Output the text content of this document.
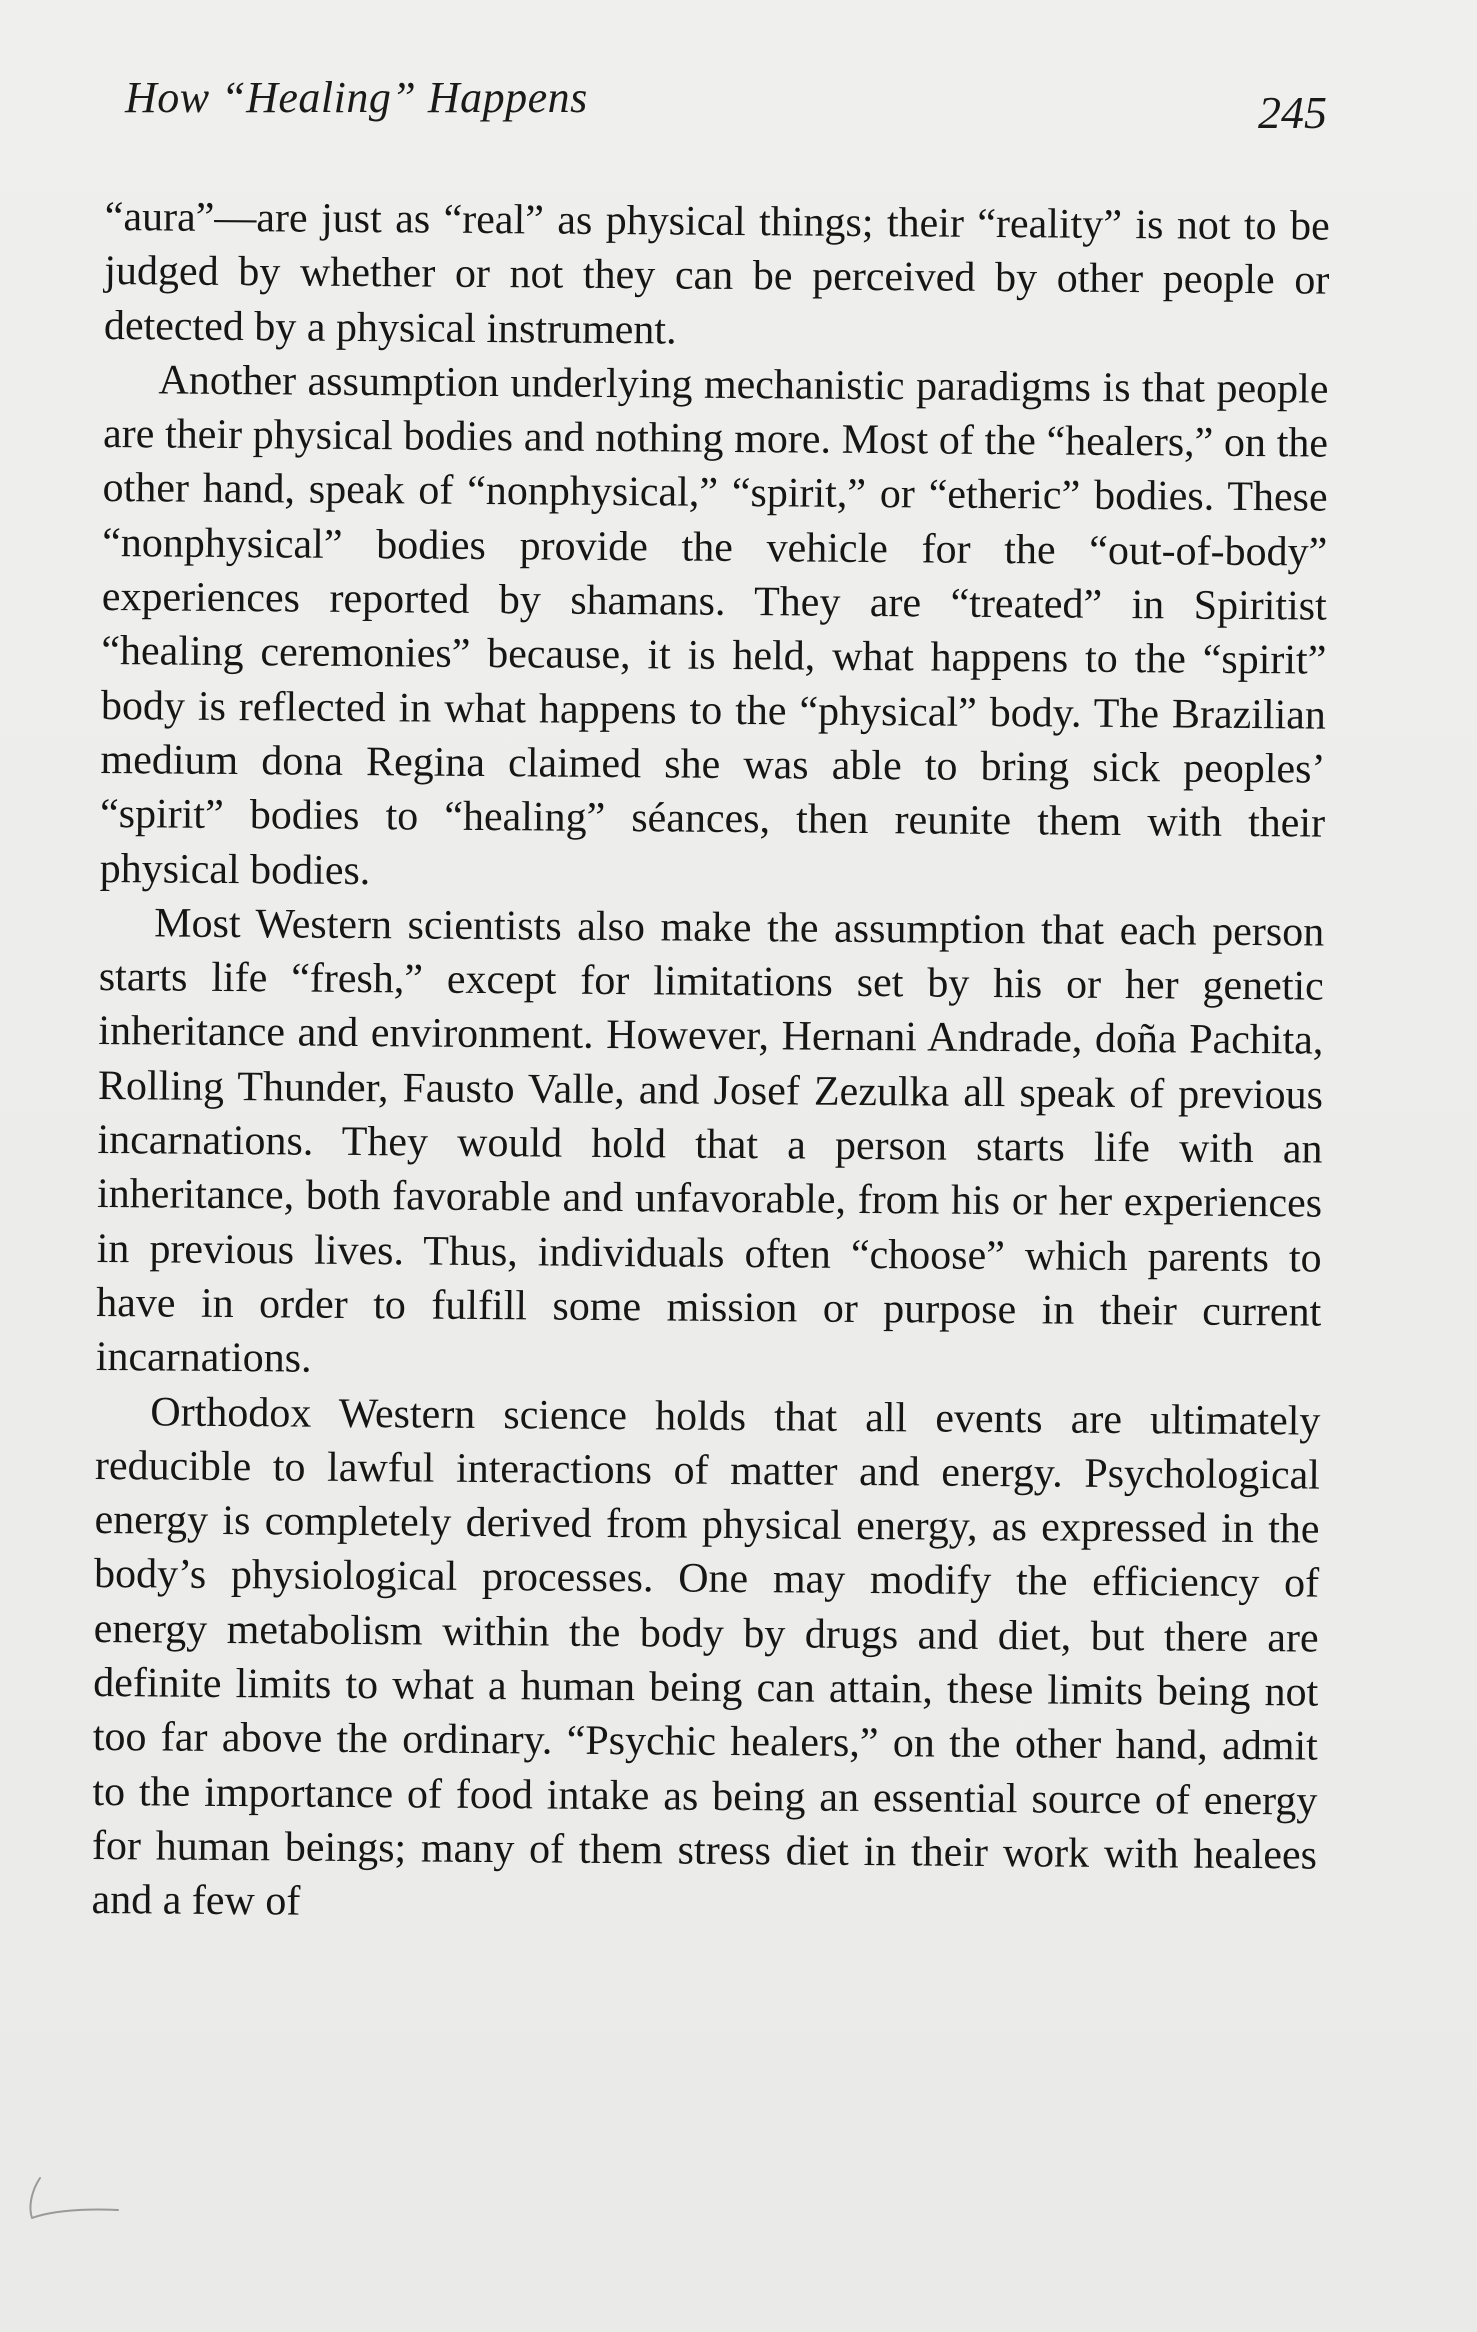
How “Healing” Happens	245

“aura”—are just as “real” as physical things; their “reality” is not to be judged by whether or not they can be perceived by other people or detected by a physical instrument.

Another assumption underlying mechanistic paradigms is that people are their physical bodies and nothing more. Most of the “healers,” on the other hand, speak of “nonphysical,” “spirit,” or “etheric” bodies. These “nonphysical” bodies provide the vehicle for the “out-of-body” experiences reported by shamans. They are “treated” in Spiritist “healing ceremonies” because, it is held, what happens to the “spirit” body is reflected in what happens to the “physical” body. The Brazilian medium dona Regina claimed she was able to bring sick peoples’ “spirit” bodies to “healing” séances, then reunite them with their physical bodies.

Most Western scientists also make the assumption that each person starts life “fresh,” except for limitations set by his or her genetic inheritance and environment. However, Hernani Andrade, doña Pachita, Rolling Thunder, Fausto Valle, and Josef Zezulka all speak of previous incarnations. They would hold that a person starts life with an inheritance, both favorable and unfavorable, from his or her experiences in previous lives. Thus, individuals often “choose” which parents to have in order to fulfill some mission or purpose in their current incarnations.

Orthodox Western science holds that all events are ultimately reducible to lawful interactions of matter and energy. Psychological energy is completely derived from physical energy, as expressed in the body’s physiological processes. One may modify the efficiency of energy metabolism within the body by drugs and diet, but there are definite limits to what a human being can attain, these limits being not too far above the ordinary. “Psychic healers,” on the other hand, admit to the importance of food intake as being an essential source of energy for human beings; many of them stress diet in their work with healees and a few of
